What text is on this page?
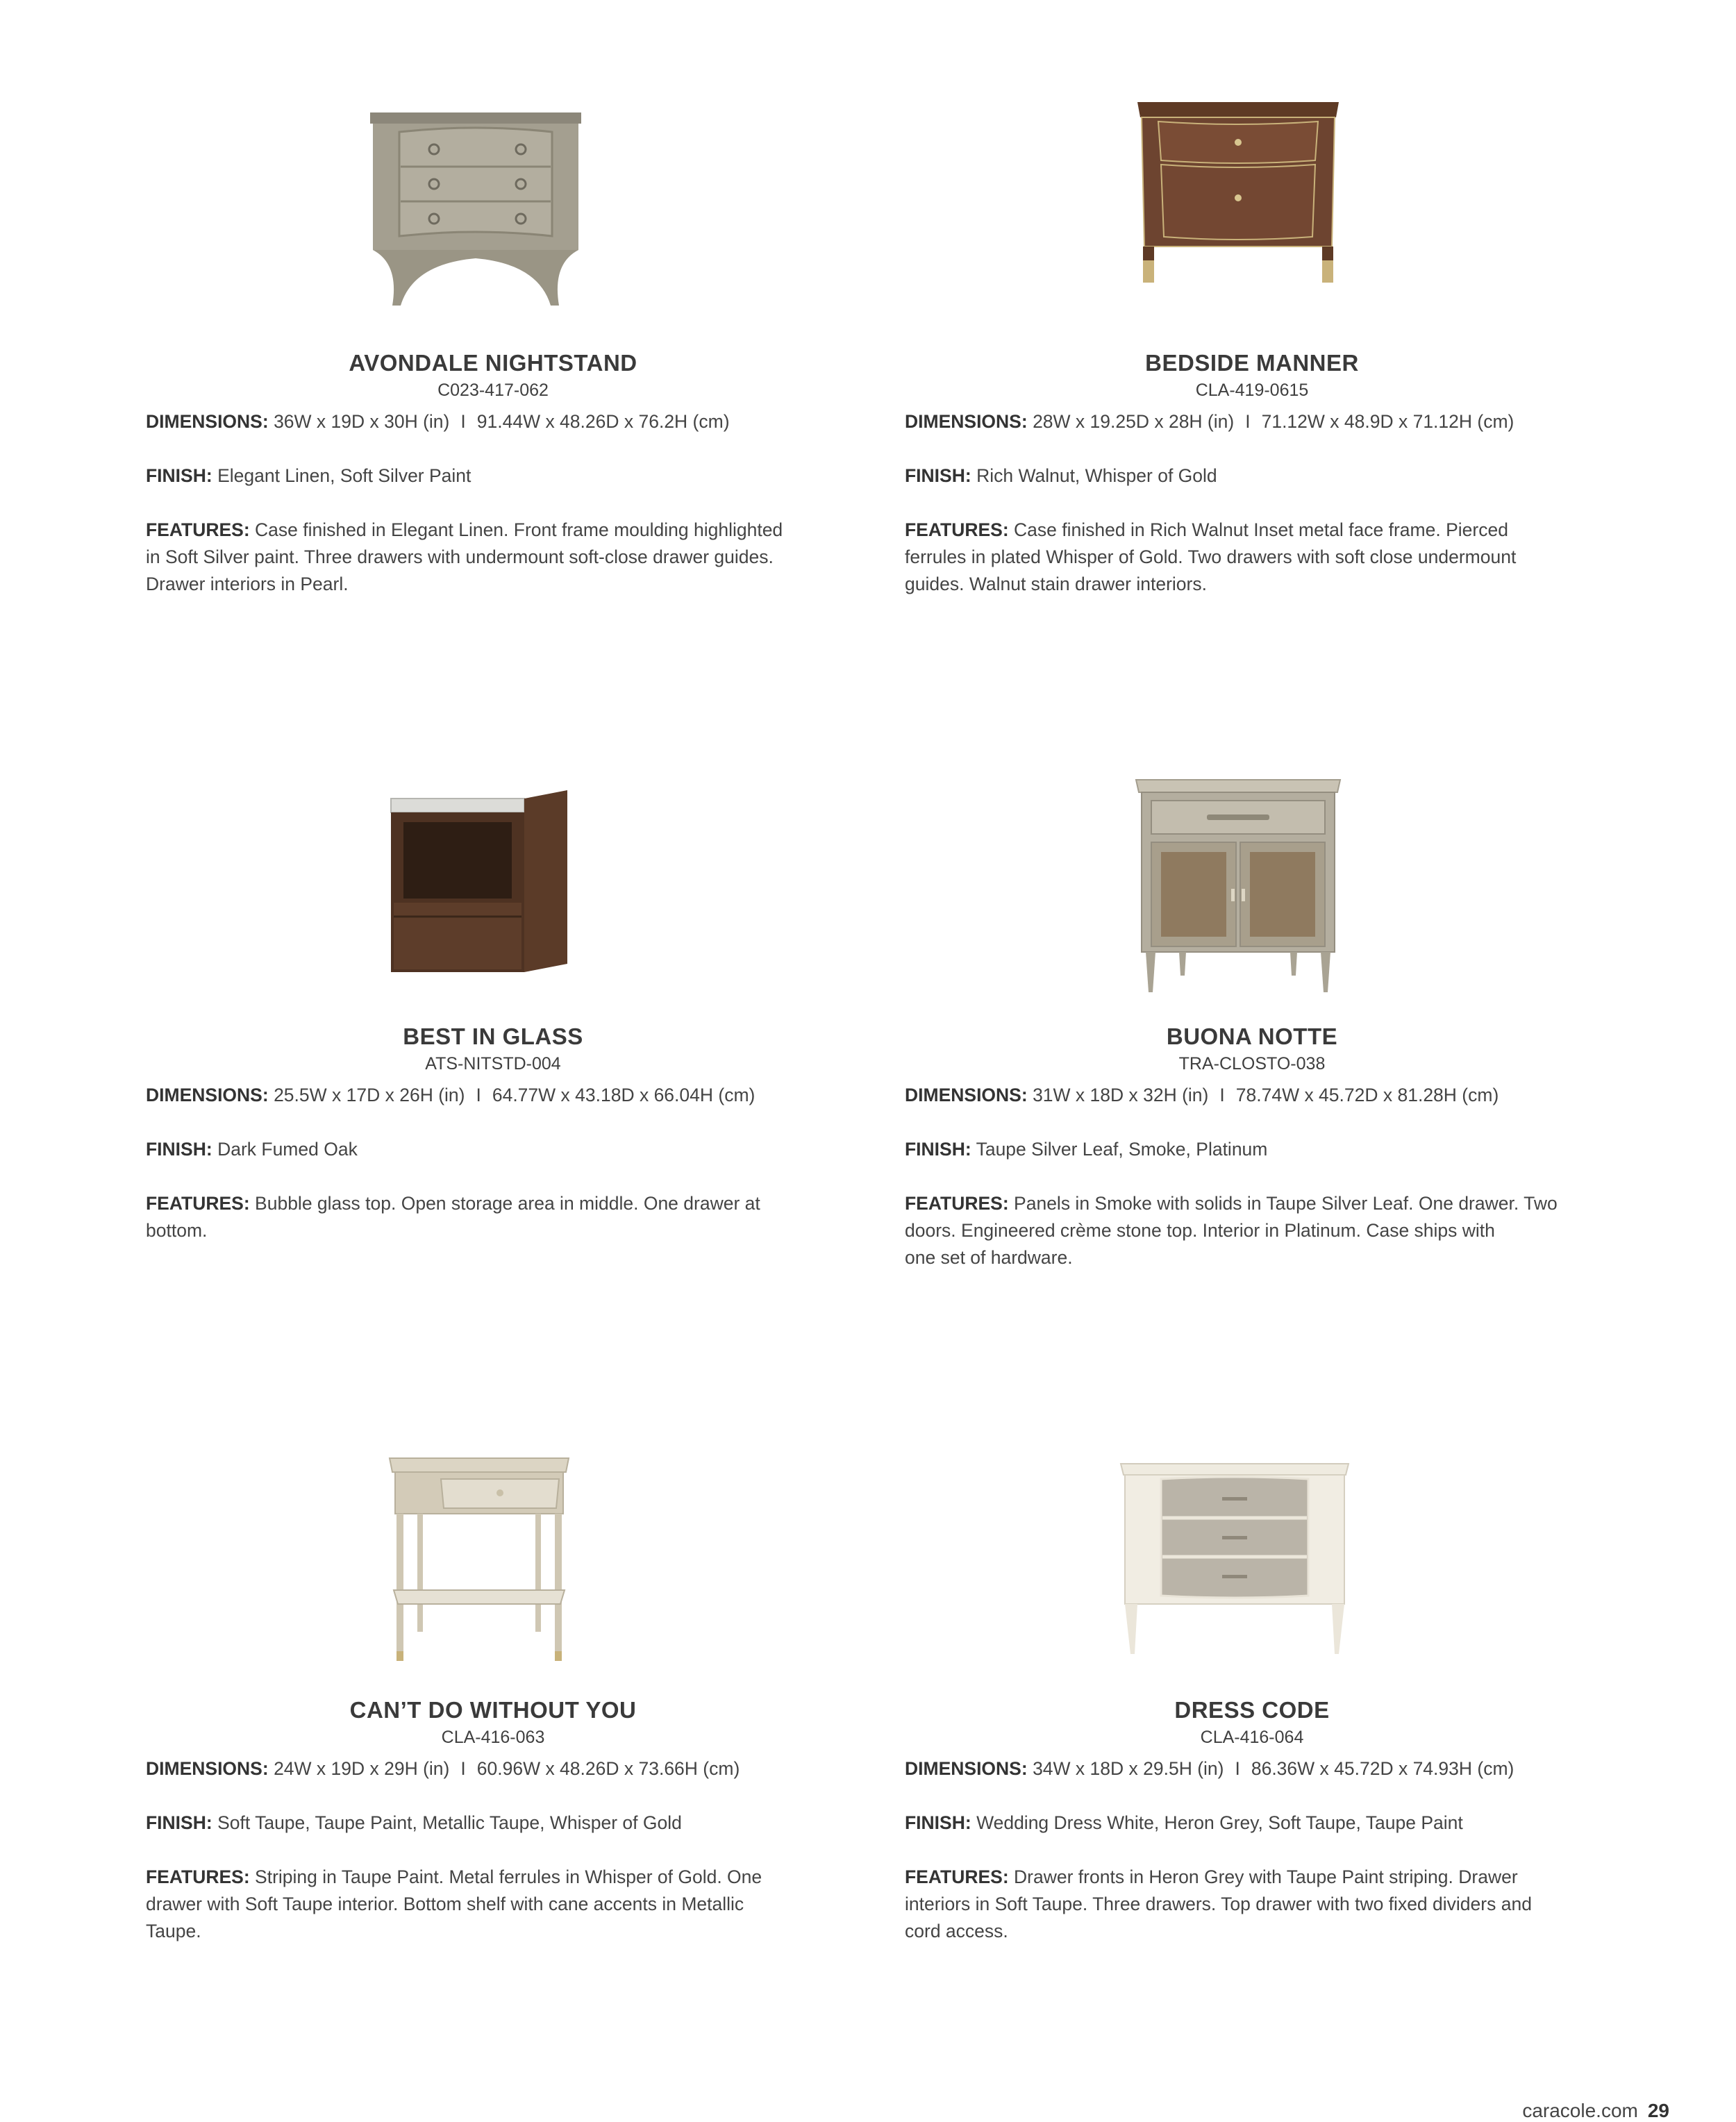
AVONDALE NIGHTSTAND
C023-417-062
DIMENSIONS: 36W x 19D x 30H (in) I 91.44W x 48.26D x 76.2H (cm)
FINISH: Elegant Linen, Soft Silver Paint
FEATURES: Case finished in Elegant Linen. Front frame moulding highlighted
in Soft Silver paint. Three drawers with undermount soft-close drawer guides.
Drawer interiors in Pearl.
BEDSIDE MANNER
CLA-419-0615
DIMENSIONS: 28W x 19.25D x 28H (in) I 71.12W x 48.9D x 71.12H (cm)
FINISH: Rich Walnut, Whisper of Gold
FEATURES: Case finished in Rich Walnut Inset metal face frame. Pierced
ferrules in plated Whisper of Gold. Two drawers with soft close undermount
guides. Walnut stain drawer interiors.
BEST IN GLASS
ATS-NITSTD-004
DIMENSIONS: 25.5W x 17D x 26H (in) I 64.77W x 43.18D x 66.04H (cm)
FINISH: Dark Fumed Oak
FEATURES: Bubble glass top. Open storage area in middle. One drawer at
bottom.
BUONA NOTTE
TRA-CLOSTO-038
DIMENSIONS: 31W x 18D x 32H (in) I 78.74W x 45.72D x 81.28H (cm)
FINISH: Taupe Silver Leaf, Smoke, Platinum
FEATURES: Panels in Smoke with solids in Taupe Silver Leaf. One drawer. Two
doors. Engineered crème stone top. Interior in Platinum. Case ships with
one set of hardware.
CAN’T DO WITHOUT YOU
CLA-416-063
DIMENSIONS: 24W x 19D x 29H (in) I 60.96W x 48.26D x 73.66H (cm)
FINISH: Soft Taupe, Taupe Paint, Metallic Taupe, Whisper of Gold
FEATURES: Striping in Taupe Paint. Metal ferrules in Whisper of Gold. One
drawer with Soft Taupe interior. Bottom shelf with cane accents in Metallic
Taupe.
DRESS CODE
CLA-416-064
DIMENSIONS: 34W x 18D x 29.5H (in) I 86.36W x 45.72D x 74.93H (cm)
FINISH: Wedding Dress White, Heron Grey, Soft Taupe, Taupe Paint
FEATURES: Drawer fronts in Heron Grey with Taupe Paint striping. Drawer
interiors in Soft Taupe. Three drawers. Top drawer with two fixed dividers and
cord access.
caracole.com 29
